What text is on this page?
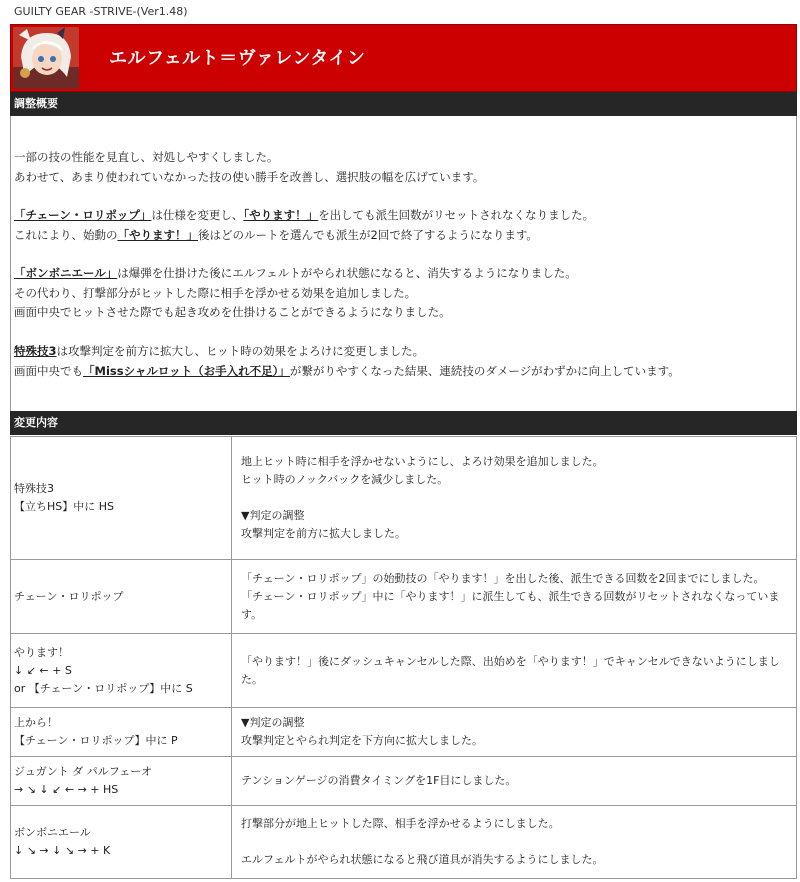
GUILTY GEAR -STRIVE-(Ver1.48)
エルフェルト＝ヴァレンタイン
調整概要
一部の技の性能を見直し、対処しやすくしました。
あわせて、あまり使われていなかった技の使い勝手を改善し、選択肢の幅を広げています。
「チェーン・ロリポップ」は仕様を変更し、「やります！」を出しても派生回数がリセットされなくなりました。
これにより、始動の「やります！」後はどのルートを選んでも派生が2回で終了するようになります。
「ボンボニエール」は爆弾を仕掛けた後にエルフェルトがやられ状態になると、消失するようになりました。
その代わり、打撃部分がヒットした際に相手を浮かせる効果を追加しました。
画面中央でヒットさせた際でも起き攻めを仕掛けることができるようになりました。
特殊技3は攻撃判定を前方に拡大し、ヒット時の効果をよろけに変更しました。
画面中央でも「Missシャルロット（お手入れ不足）」が繋がりやすくなった結果、連続技のダメージがわずかに向上しています。
変更内容
特殊技3
【立ちHS】中に HS	地上ヒット時に相手を浮かせないようにし、よろけ効果を追加しました。
ヒット時のノックバックを減少しました。
▼判定の調整
攻撃判定を前方に拡大しました。

チェーン・ロリポップ	「チェーン・ロリポップ」の始動技の「やります！」を出した後、派生できる回数を2回までにしました。
「チェーン・ロリポップ」中に「やります！」に派生しても、派生できる回数がリセットされなくなっています。

やります！
↓ ↙ ← + S
or 【チェーン・ロリポップ】中に S	「やります！」後にダッシュキャンセルした際、出始めを「やります！」でキャンセルできないようにしました。

上から！
【チェーン・ロリポップ】中に P	▼判定の調整
攻撃判定とやられ判定を下方向に拡大しました。

ジュガント ダ パルフェーオ
→ ↘ ↓ ↙ ← → + HS	テンションゲージの消費タイミングを1F目にしました。

ボンボニエール
↓ ↘ → ↓ ↘ → + K	打撃部分が地上ヒットした際、相手を浮かせるようにしました。
エルフェルトがやられ状態になると飛び道具が消失するようにしました。
